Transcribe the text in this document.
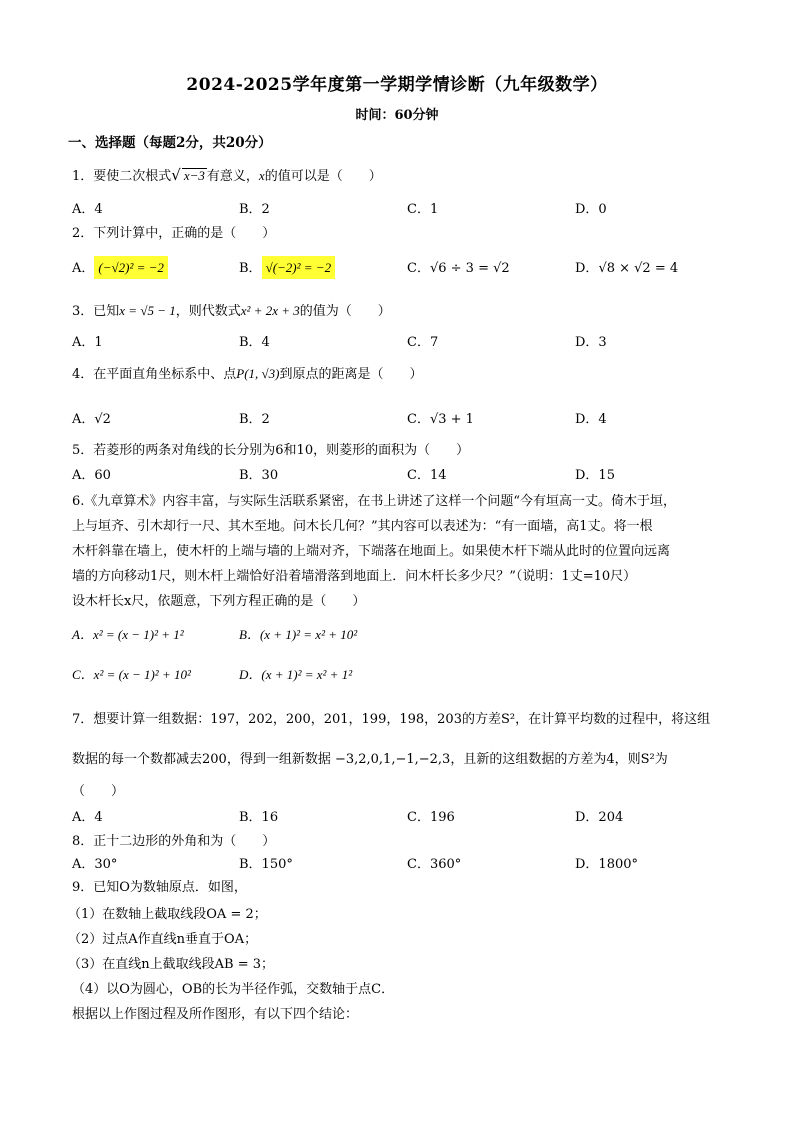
2024-2025学年度第一学期学情诊断（九年级数学）
时间：60分钟
一、选择题（每题2分，共20分）
1．要使二次根式√ x−3 有意义，x的值可以是（　　）
A．4	B．2	C．1	D．0
2．下列计算中，正确的是（　　）
A． (−√2)² = −2	B． √(−2)² = −2	C．√6 ÷ 3 = √2	D．√8 × √2 = 4
3．已知x = √5 − 1，则代数式x² + 2x + 3的值为（　　）
A．1	B．4	C．7	D．3
4．在平面直角坐标系中、点P(1, √3)到原点的距离是（　　）
A．√2	B．2	C．√3 + 1	D．4
5．若菱形的两条对角线的长分别为6和10，则菱形的面积为（　　）
A．60	B．30	C．14	D．15
6.《九章算术》内容丰富，与实际生活联系紧密，在书上讲述了这样一个问题“今有垣高一丈。倚木于垣，
上与垣齐、引木却行一尺、其木至地。问木长几何？”其内容可以表述为：“有一面墙，高1丈。将一根
木杆斜靠在墙上，使木杆的上端与墙的上端对齐，下端落在地面上。如果使木杆下端从此时的位置向远离
墙的方向移动1尺，则木杆上端恰好沿着墙滑落到地面上．问木杆长多少尺？”（说明：1丈=10尺）
设木杆长x尺，依题意，下列方程正确的是（　　）
A．x² = (x − 1)² + 1²	B．(x + 1)² = x² + 10²
C．x² = (x − 1)² + 10²	D．(x + 1)² = x² + 1²
7．想要计算一组数据：197，202，200，201，199，198，203的方差S²，在计算平均数的过程中，将这组
数据的每一个数都减去200，得到一组新数据 −3,2,0,1,−1,−2,3，且新的这组数据的方差为4，则S²为
（　　）
A．4	B．16	C．196	D．204
8．正十二边形的外角和为（　　）
A．30°	B．150°	C．360°	D．1800°
9．已知O为数轴原点．如图，
（1）在数轴上截取线段OA = 2；
（2）过点A作直线n垂直于OA；
（3）在直线n上截取线段AB = 3；
（4）以O为圆心，OB的长为半径作弧，交数轴于点C．
根据以上作图过程及所作图形，有以下四个结论：
